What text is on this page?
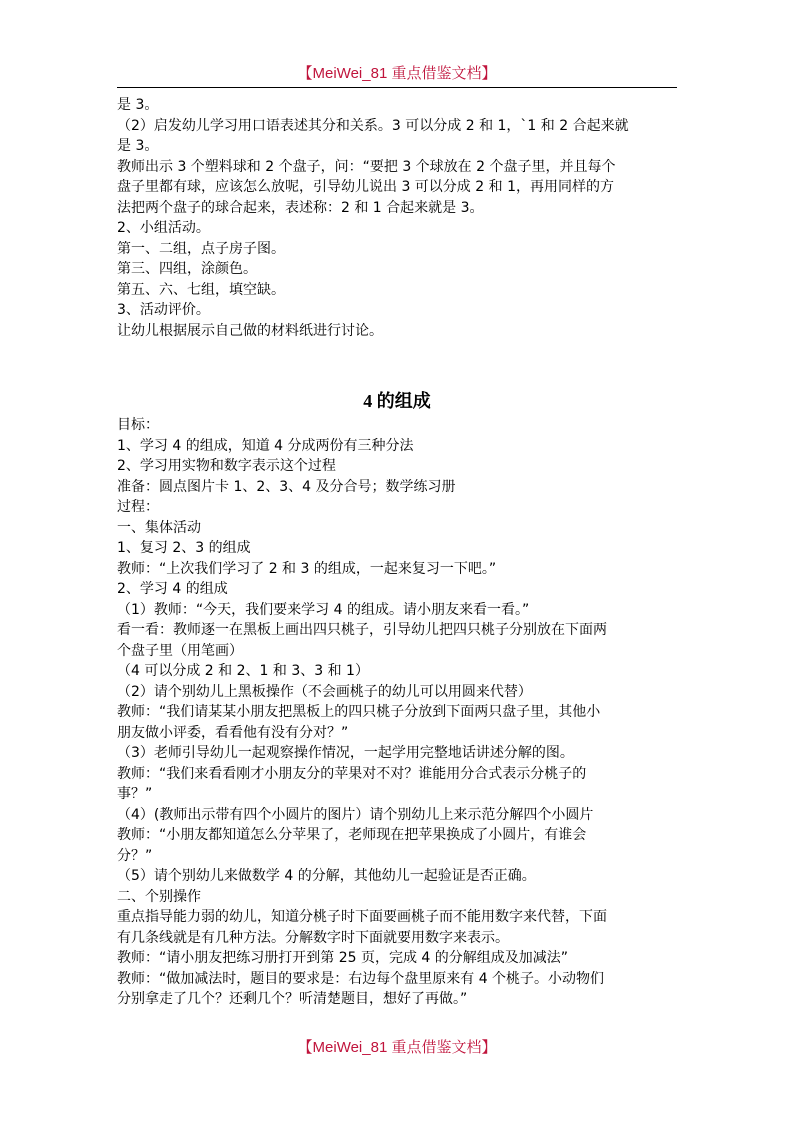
【MeiWei_81 重点借鉴文档】
是 3。
（2）启发幼儿学习用口语表述其分和关系。3 可以分成 2 和 1，`1 和 2 合起来就
是 3。
教师出示 3 个塑料球和 2 个盘子，问：“要把 3 个球放在 2 个盘子里，并且每个
盘子里都有球，应该怎么放呢，引导幼儿说出 3 可以分成 2 和 1，再用同样的方
法把两个盘子的球合起来，表述称：2 和 1 合起来就是 3。
2、小组活动。
第一、二组，点子房子图。
第三、四组，涂颜色。
第五、六、七组，填空缺。
3、活动评价。
让幼儿根据展示自己做的材料纸进行讨论。
4 的组成
目标：
1、学习 4 的组成，知道 4 分成两份有三种分法
2、学习用实物和数字表示这个过程
准备：圆点图片卡 1、2、3、4 及分合号；数学练习册
过程：
一、集体活动
1、复习 2、3 的组成
教师：“上次我们学习了 2 和 3 的组成，一起来复习一下吧。”
2、学习 4 的组成
（1）教师：“今天，我们要来学习 4 的组成。请小朋友来看一看。”
看一看：教师逐一在黑板上画出四只桃子，引导幼儿把四只桃子分别放在下面两
个盘子里（用笔画）
（4 可以分成 2 和 2、1 和 3、3 和 1）
（2）请个别幼儿上黑板操作（不会画桃子的幼儿可以用圆来代替）
教师：“我们请某某小朋友把黑板上的四只桃子分放到下面两只盘子里，其他小
朋友做小评委，看看他有没有分对？”
（3）老师引导幼儿一起观察操作情况，一起学用完整地话讲述分解的图。
教师：“我们来看看刚才小朋友分的苹果对不对？谁能用分合式表示分桃子的
事？”
（4）(教师出示带有四个小圆片的图片）请个别幼儿上来示范分解四个小圆片
教师：“小朋友都知道怎么分苹果了，老师现在把苹果换成了小圆片，有谁会
分？”
（5）请个别幼儿来做数学 4 的分解，其他幼儿一起验证是否正确。
二、个别操作
重点指导能力弱的幼儿，知道分桃子时下面要画桃子而不能用数字来代替，下面
有几条线就是有几种方法。分解数字时下面就要用数字来表示。
教师：“请小朋友把练习册打开到第 25 页，完成 4 的分解组成及加减法”
教师：“做加减法时，题目的要求是：右边每个盘里原来有 4 个桃子。小动物们
分别拿走了几个？还剩几个？听清楚题目，想好了再做。”
【MeiWei_81 重点借鉴文档】
